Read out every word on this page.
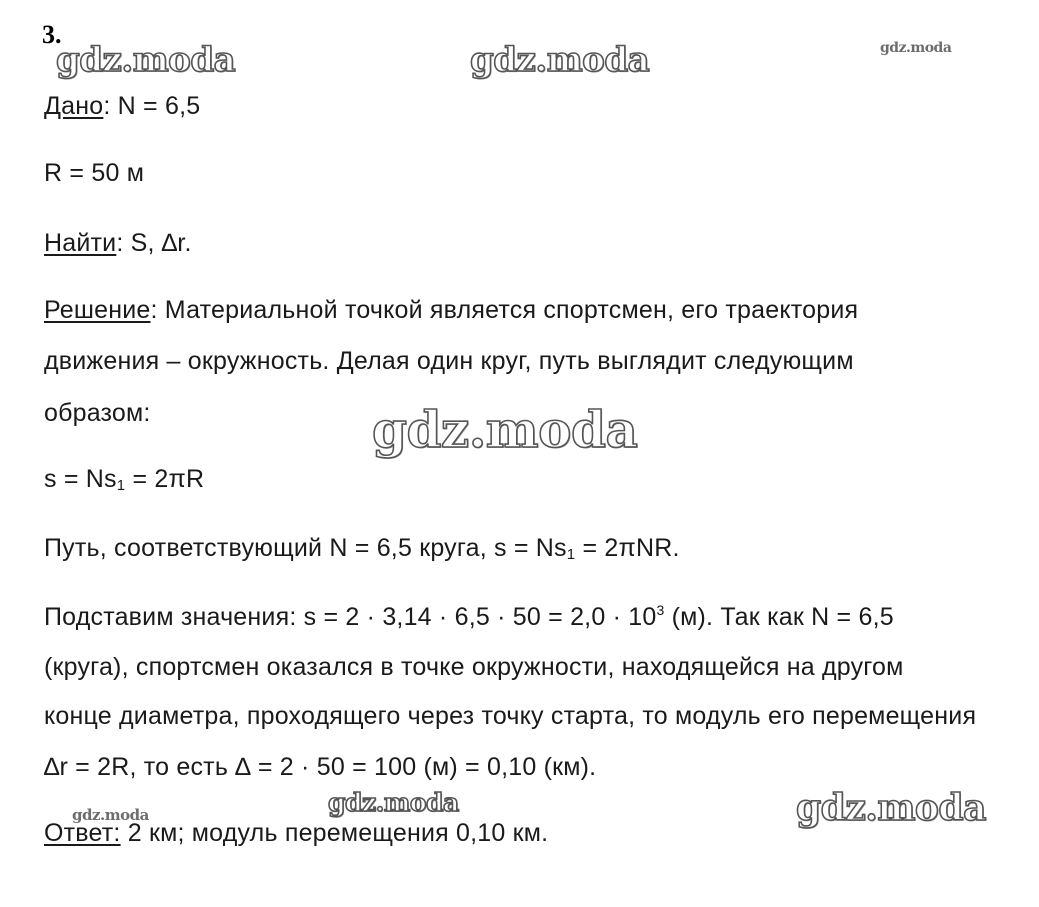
3.
Дано: N = 6,5
R = 50 м
Найти: S, ∆r.
Решение: Материальной точкой является спортсмен, его траектория
движения – окружность. Делая один круг, путь выглядит следующим
образом:
$s = Ns_1 = 2\pi R$
Путь, соответствующий N = 6,5 круга, $s = Ns_1 = 2\pi NR$.
Подставим значения: $s = 2 \cdot 3,14 \cdot 6,5 \cdot 50 = 2,0 \cdot 10^3$ (м). Так как N = 6,5
(круга), спортсмен оказался в точке окружности, находящейся на другом
конце диаметра, проходящего через точку старта, то модуль его перемещения
∆r = 2R, то есть ∆ = 2 · 50 = 100 (м) = 0,10 (км).
Ответ: 2 км; модуль перемещения 0,10 км.
gdz.moda	gdz.moda	gdz.moda
gdz.moda
gdz.moda	gdz.moda	gdz.moda
